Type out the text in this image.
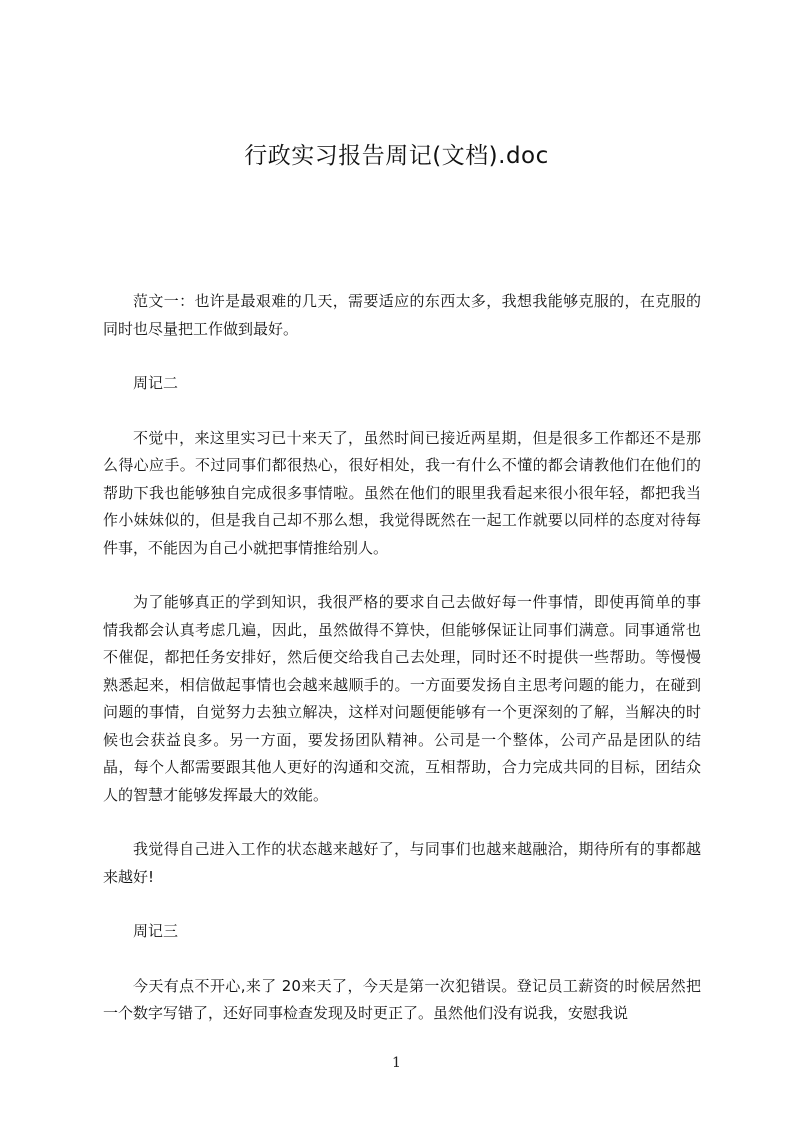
行政实习报告周记(文档).doc

范文一：也许是最艰难的几天，需要适应的东西太多，我想我能够克服的，在克服的同时也尽量把工作做到最好。

周记二

不觉中，来这里实习已十来天了，虽然时间已接近两星期，但是很多工作都还不是那么得心应手。不过同事们都很热心，很好相处，我一有什么不懂的都会请教他们在他们的帮助下我也能够独自完成很多事情啦。虽然在他们的眼里我看起来很小很年轻，都把我当作小妹妹似的，但是我自己却不那么想，我觉得既然在一起工作就要以同样的态度对待每件事，不能因为自己小就把事情推给别人。

为了能够真正的学到知识，我很严格的要求自己去做好每一件事情，即使再简单的事情我都会认真考虑几遍，因此，虽然做得不算快，但能够保证让同事们满意。同事通常也不催促，都把任务安排好，然后便交给我自己去处理，同时还不时提供一些帮助。等慢慢熟悉起来，相信做起事情也会越来越顺手的。一方面要发扬自主思考问题的能力，在碰到问题的事情，自觉努力去独立解决，这样对问题便能够有一个更深刻的了解，当解决的时候也会获益良多。另一方面，要发扬团队精神。公司是一个整体，公司产品是团队的结晶，每个人都需要跟其他人更好的沟通和交流，互相帮助，合力完成共同的目标，团结众人的智慧才能够发挥最大的效能。

我觉得自己进入工作的状态越来越好了，与同事们也越来越融洽，期待所有的事都越来越好!

周记三

今天有点不开心,来了 20来天了，今天是第一次犯错误。登记员工薪资的时候居然把一个数字写错了，还好同事检查发现及时更正了。虽然他们没有说我，安慰我说

1
